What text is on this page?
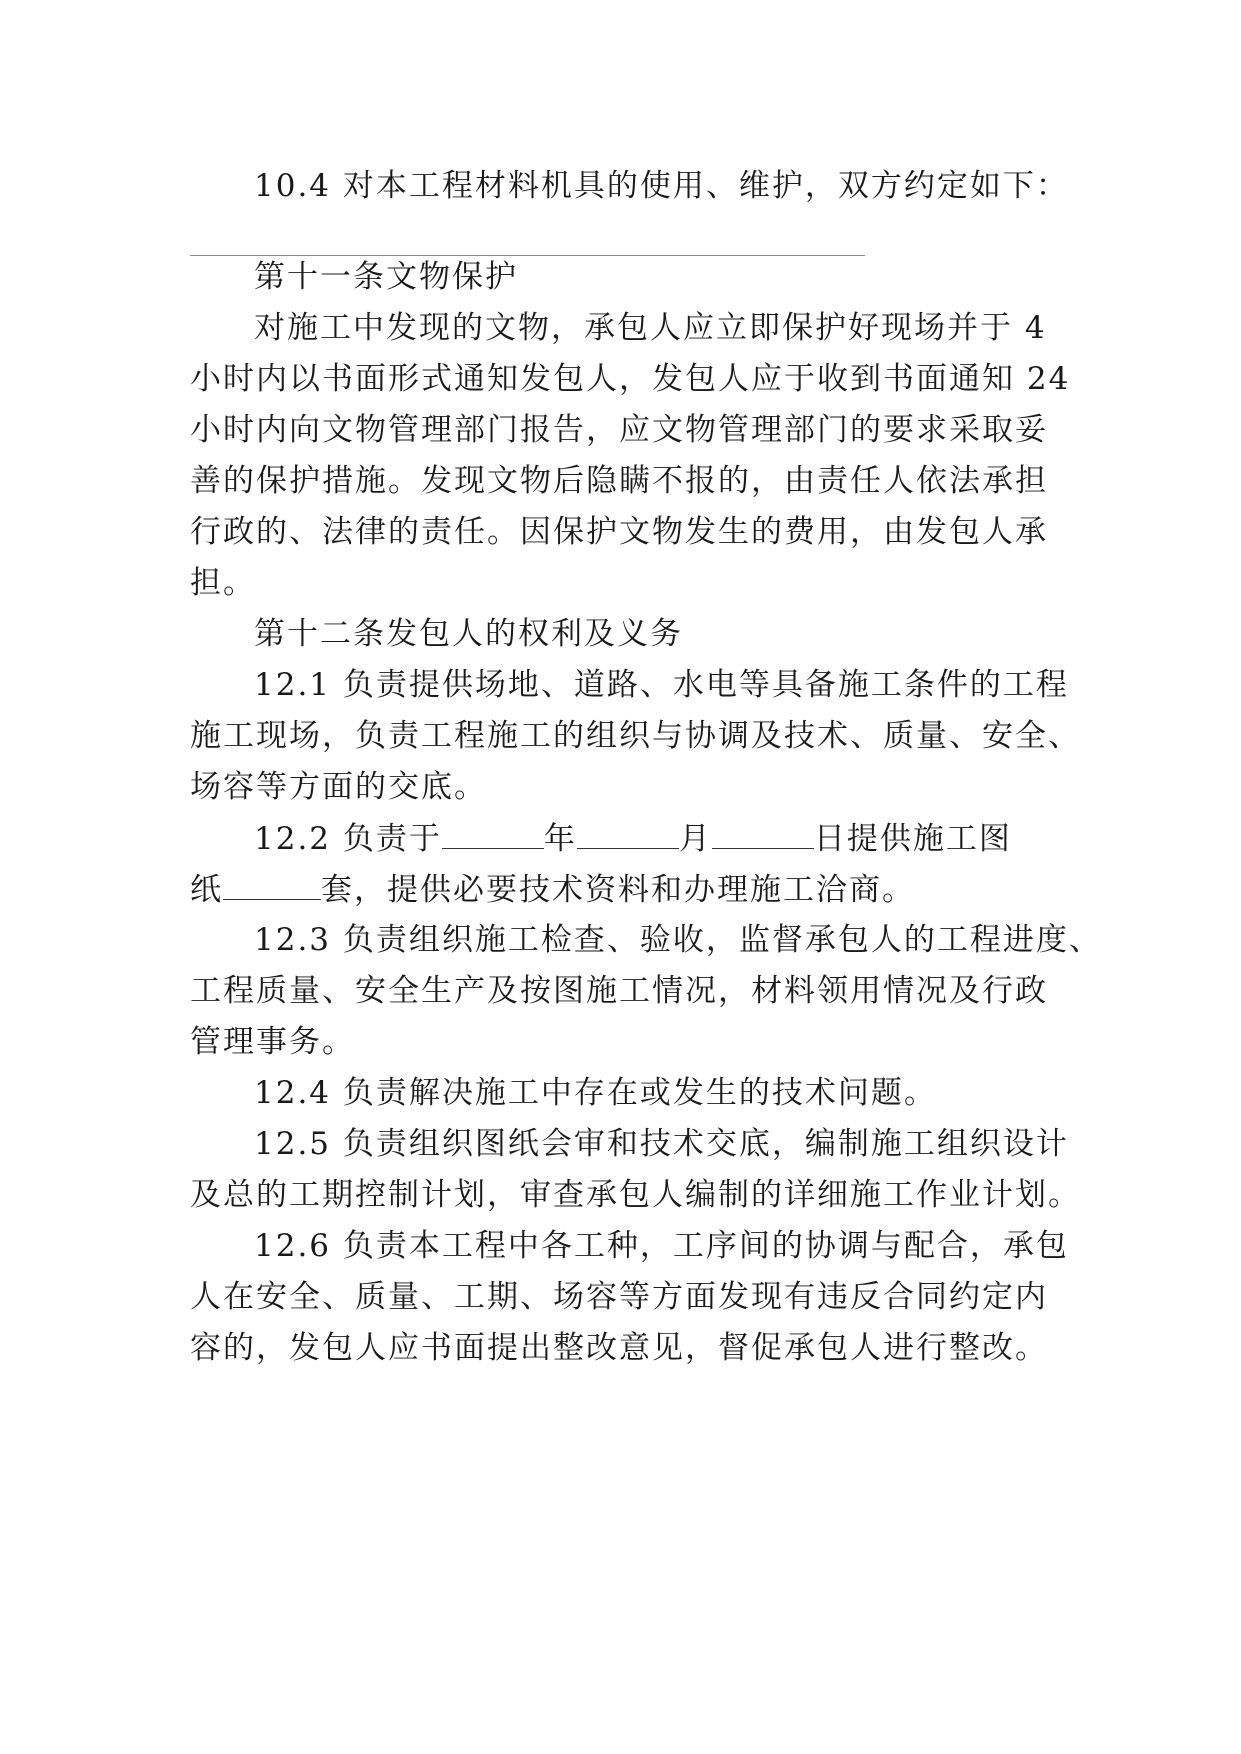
10.4 对本工程材料机具的使用、维护，双方约定如下：
第十一条文物保护
对施工中发现的文物，承包人应立即保护好现场并于 4
小时内以书面形式通知发包人，发包人应于收到书面通知 24
小时内向文物管理部门报告，应文物管理部门的要求采取妥
善的保护措施。发现文物后隐瞒不报的，由责任人依法承担
行政的、法律的责任。因保护文物发生的费用，由发包人承
担。
第十二条发包人的权利及义务
12.1 负责提供场地、道路、水电等具备施工条件的工程
施工现场，负责工程施工的组织与协调及技术、质量、安全、
场容等方面的交底。
12.2 负责于	年	月	日提供施工图
纸	套，提供必要技术资料和办理施工洽商。
12.3 负责组织施工检查、验收，监督承包人的工程进度、
工程质量、安全生产及按图施工情况，材料领用情况及行政
管理事务。
12.4 负责解决施工中存在或发生的技术问题。
12.5 负责组织图纸会审和技术交底，编制施工组织设计
及总的工期控制计划，审查承包人编制的详细施工作业计划。
12.6 负责本工程中各工种，工序间的协调与配合，承包
人在安全、质量、工期、场容等方面发现有违反合同约定内
容的，发包人应书面提出整改意见，督促承包人进行整改。
